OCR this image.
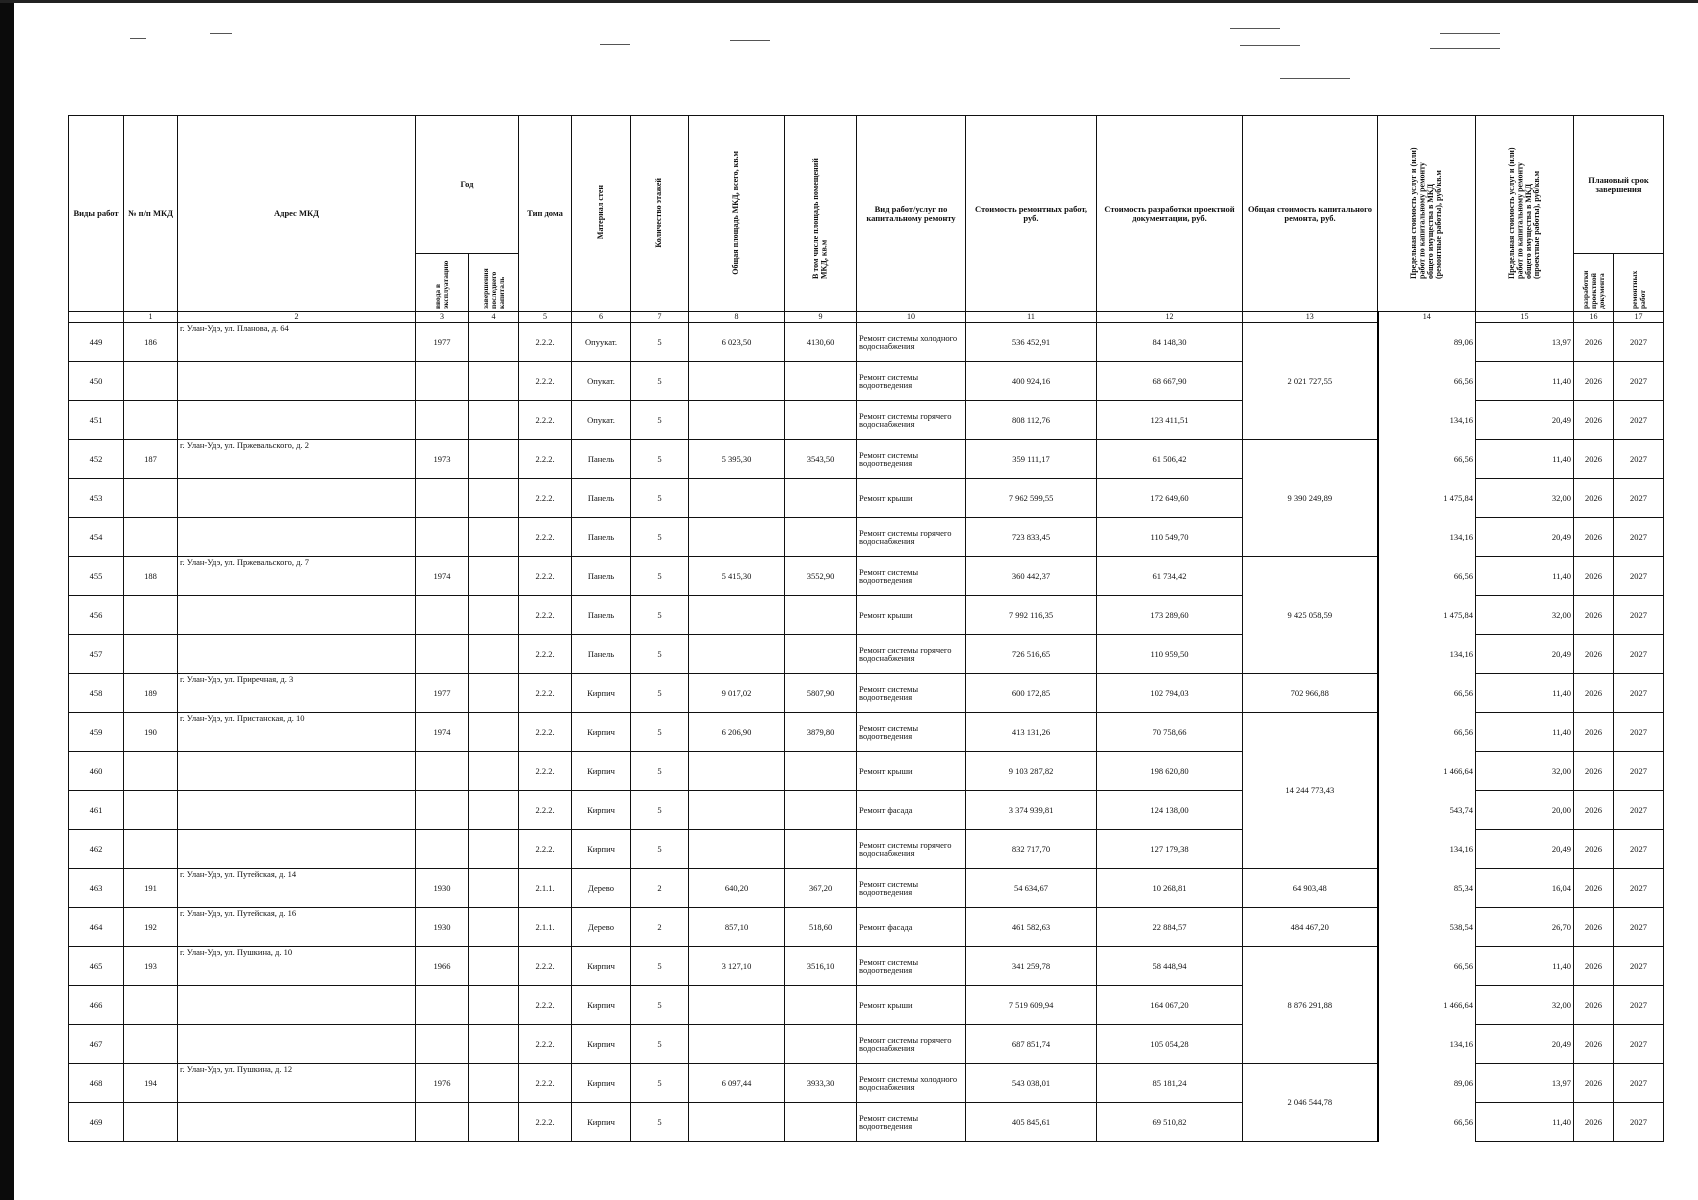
Виды работ	№ п/п МКД	Адрес МКД	Год		Тип дома	Материал стен	Количество этажей	Общая площадь МКД, всего, кв.м	В том числе площадь помещений МКД, кв.м	Вид работ/услуг по капитальному ремонту	Стоимость ремонтных работ, руб.	Стоимость разработки проектной документации, руб.	Общая стоимость капитального ремонта, руб.	Предельная стоимость услуг и (или) работ по капитальному ремонту общего имущества в МКД (ремонтные работы), руб/кв.м	Предельная стоимость услуг и (или) работ по капитальному ремонту общего имущества в МКД (проектные работы), руб/кв.м	Плановый срок завершения	
			ввода в эксплуатацию	завершения последнего капиталь												разработки проектной документа	ремонтных работ
	1	2	3	4	5	6	7	8	9	10	11	12	13	14	15	16	17
449	186	г. Улан-Удэ, ул. Планова, д. 64	1977		2.2.2.	Опуукат.	5	6 023,50	4130,60	Ремонт системы холодного водоснабжения	536 452,91	84 148,30	2 021 727,55	89,06	13,97	2026	2027
450					2.2.2.	Опукат.	5			Ремонт системы водоотведения	400 924,16	68 667,90		66,56	11,40	2026	2027
451					2.2.2.	Опукат.	5			Ремонт системы горячего водоснабжения	808 112,76	123 411,51		134,16	20,49	2026	2027
452	187	г. Улан-Удэ, ул. Пржевальского, д. 2	1973		2.2.2.	Панель	5	5 395,30	3543,50	Ремонт системы водоотведения	359 111,17	61 506,42	9 390 249,89	66,56	11,40	2026	2027
453					2.2.2.	Панель	5			Ремонт крыши	7 962 599,55	172 649,60		1 475,84	32,00	2026	2027
454					2.2.2.	Панель	5			Ремонт системы горячего водоснабжения	723 833,45	110 549,70		134,16	20,49	2026	2027
455	188	г. Улан-Удэ, ул. Пржевальского, д. 7	1974		2.2.2.	Панель	5	5 415,30	3552,90	Ремонт системы водоотведения	360 442,37	61 734,42	9 425 058,59	66,56	11,40	2026	2027
456					2.2.2.	Панель	5			Ремонт крыши	7 992 116,35	173 289,60		1 475,84	32,00	2026	2027
457					2.2.2.	Панель	5			Ремонт системы горячего водоснабжения	726 516,65	110 959,50		134,16	20,49	2026	2027
458	189	г. Улан-Удэ, ул. Приречная, д. 3	1977		2.2.2.	Кирпич	5	9 017,02	5807,90	Ремонт системы водоотведения	600 172,85	102 794,03	702 966,88	66,56	11,40	2026	2027
459	190	г. Улан-Удэ, ул. Пристанская, д. 10	1974		2.2.2.	Кирпич	5	6 206,90	3879,80	Ремонт системы водоотведения	413 131,26	70 758,66	14 244 773,43	66,56	11,40	2026	2027
460					2.2.2.	Кирпич	5			Ремонт крыши	9 103 287,82	198 620,80		1 466,64	32,00	2026	2027
461					2.2.2.	Кирпич	5			Ремонт фасада	3 374 939,81	124 138,00		543,74	20,00	2026	2027
462					2.2.2.	Кирпич	5			Ремонт системы горячего водоснабжения	832 717,70	127 179,38		134,16	20,49	2026	2027
463	191	г. Улан-Удэ, ул. Путейская, д. 14	1930		2.1.1.	Дерево	2	640,20	367,20	Ремонт системы водоотведения	54 634,67	10 268,81	64 903,48	85,34	16,04	2026	2027
464	192	г. Улан-Удэ, ул. Путейская, д. 16	1930		2.1.1.	Дерево	2	857,10	518,60	Ремонт фасада	461 582,63	22 884,57	484 467,20	538,54	26,70	2026	2027
465	193	г. Улан-Удэ, ул. Пушкина, д. 10	1966		2.2.2.	Кирпич	5	3 127,10	3516,10	Ремонт системы водоотведения	341 259,78	58 448,94	8 876 291,88	66,56	11,40	2026	2027
466					2.2.2.	Кирпич	5			Ремонт крыши	7 519 609,94	164 067,20		1 466,64	32,00	2026	2027
467					2.2.2.	Кирпич	5			Ремонт системы горячего водоснабжения	687 851,74	105 054,28		134,16	20,49	2026	2027
468	194	г. Улан-Удэ, ул. Пушкина, д. 12	1976		2.2.2.	Кирпич	5	6 097,44	3933,30	Ремонт системы холодного водоснабжения	543 038,01	85 181,24	2 046 544,78	89,06	13,97	2026	2027
469					2.2.2.	Кирпич	5			Ремонт системы водоотведения	405 845,61	69 510,82		66,56	11,40	2026	2027
